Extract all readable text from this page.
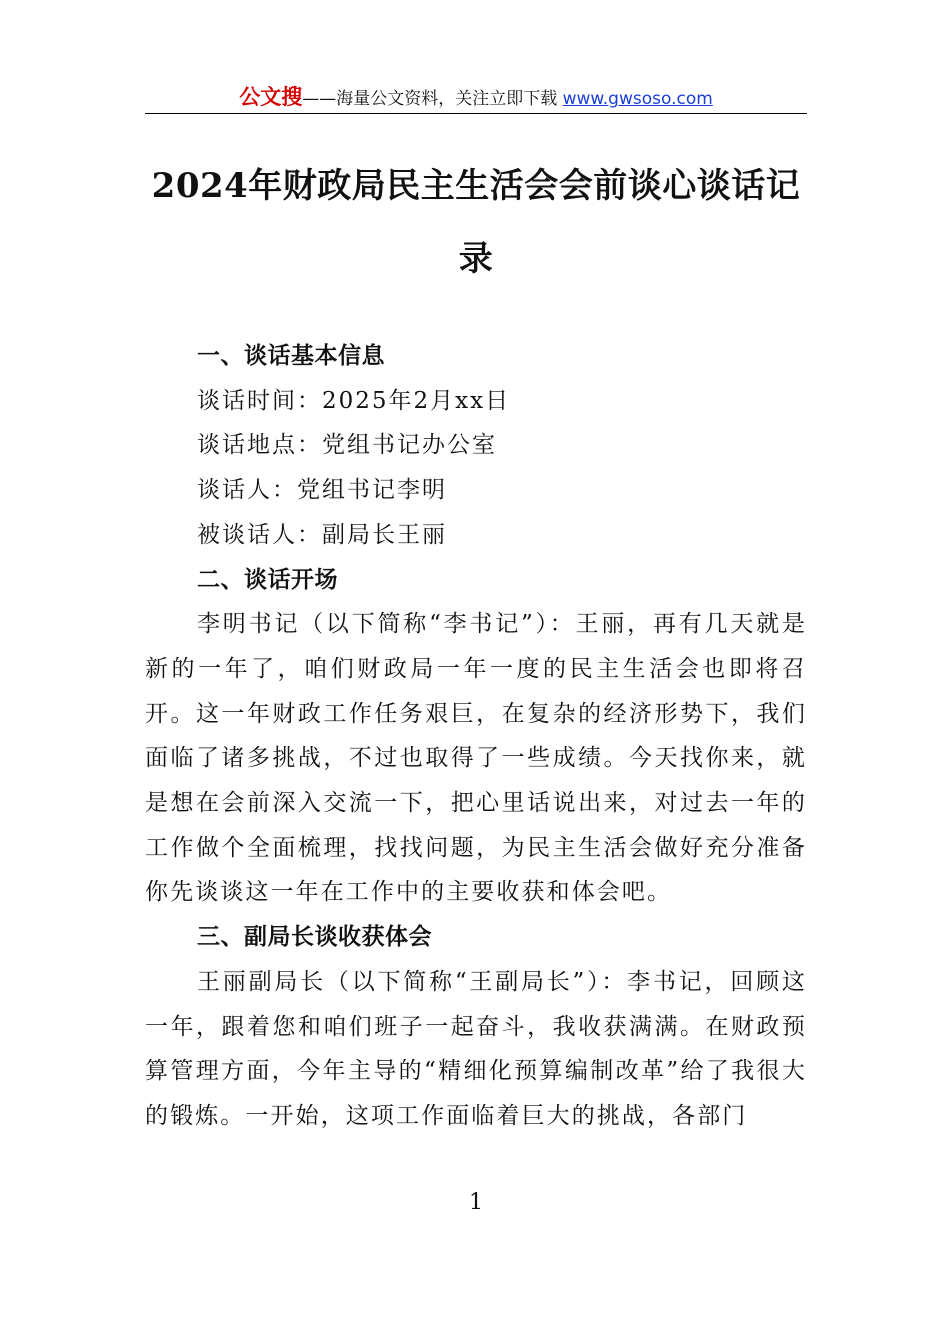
公文搜——海量公文资料，关注立即下载 www.gwsoso.com
2024年财政局民主生活会会前谈心谈话记录

一、谈话基本信息

谈话时间：2025年2月xx日

谈话地点：党组书记办公室

谈话人：党组书记李明

被谈话人：副局长王丽

二、谈话开场

李明书记（以下简称“李书记”）：王丽，再有几天就是新的一年了，咱们财政局一年一度的民主生活会也即将召开。这一年财政工作任务艰巨，在复杂的经济形势下，我们面临了诸多挑战，不过也取得了一些成绩。今天找你来，就是想在会前深入交流一下，把心里话说出来，对过去一年的工作做个全面梳理，找找问题，为民主生活会做好充分准备你先谈谈这一年在工作中的主要收获和体会吧。

三、副局长谈收获体会

王丽副局长（以下简称“王副局长”）：李书记，回顾这一年，跟着您和咱们班子一起奋斗，我收获满满。在财政预算管理方面，今年主导的“精细化预算编制改革”给了我很大的锻炼。一开始，这项工作面临着巨大的挑战，各部门

1
